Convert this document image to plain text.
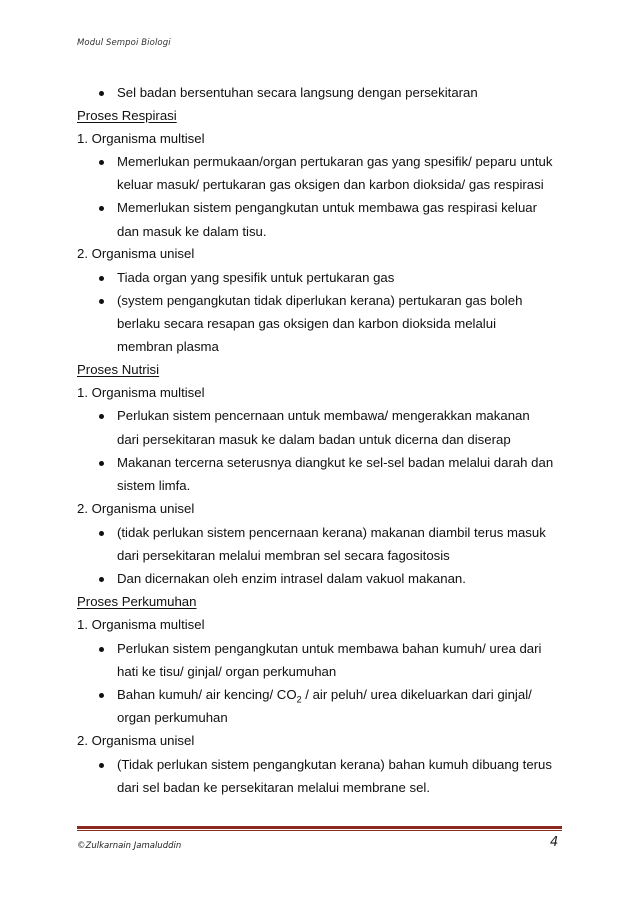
Modul Sempoi Biologi
Sel badan bersentuhan secara langsung dengan persekitaran
Proses Respirasi
1. Organisma multisel
Memerlukan permukaan/organ pertukaran gas yang spesifik/ peparu untuk
keluar masuk/ pertukaran gas oksigen dan karbon dioksida/ gas respirasi
Memerlukan sistem pengangkutan untuk membawa gas respirasi keluar
dan masuk ke dalam tisu.
2. Organisma unisel
Tiada organ yang spesifik untuk pertukaran gas
(system pengangkutan tidak diperlukan kerana) pertukaran gas boleh
berlaku secara resapan gas oksigen dan karbon dioksida melalui
membran plasma
Proses Nutrisi
1. Organisma multisel
Perlukan sistem pencernaan untuk membawa/ mengerakkan makanan
dari persekitaran masuk ke dalam badan untuk dicerna dan diserap
Makanan tercerna seterusnya diangkut ke sel-sel badan melalui darah dan
sistem limfa.
2. Organisma unisel
(tidak perlukan sistem pencernaan kerana) makanan diambil terus masuk
dari persekitaran melalui membran sel secara fagositosis
Dan dicernakan oleh enzim intrasel dalam vakuol makanan.
Proses Perkumuhan
1. Organisma multisel
Perlukan sistem pengangkutan untuk membawa bahan kumuh/ urea dari
hati ke tisu/ ginjal/ organ perkumuhan
Bahan kumuh/ air kencing/ $CO_2$ / air peluh/ urea dikeluarkan dari ginjal/
organ perkumuhan
2. Organisma unisel
(Tidak perlukan sistem pengangkutan kerana) bahan kumuh dibuang terus
dari sel badan ke persekitaran melalui membrane sel.
©Zulkarnain Jamaluddin	4
